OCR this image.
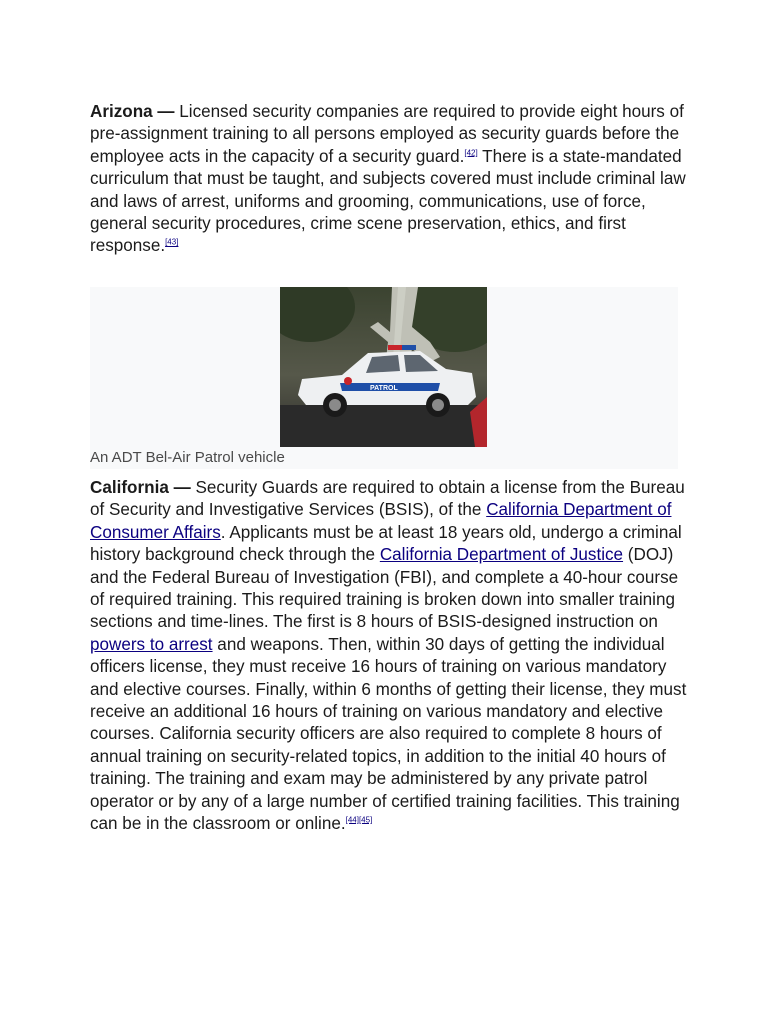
Arizona — Licensed security companies are required to provide eight hours of pre-assignment training to all persons employed as security guards before the employee acts in the capacity of a security guard.[42] There is a state-mandated curriculum that must be taught, and subjects covered must include criminal law and laws of arrest, uniforms and grooming, communications, use of force, general security procedures, crime scene preservation, ethics, and first response.[43]

PATROL
An ADT Bel-Air Patrol vehicle

California — Security Guards are required to obtain a license from the Bureau of Security and Investigative Services (BSIS), of the California Department of Consumer Affairs. Applicants must be at least 18 years old, undergo a criminal history background check through the California Department of Justice (DOJ) and the Federal Bureau of Investigation (FBI), and complete a 40-hour course of required training. This required training is broken down into smaller training sections and time-lines. The first is 8 hours of BSIS-designed instruction on powers to arrest and weapons. Then, within 30 days of getting the individual officers license, they must receive 16 hours of training on various mandatory and elective courses. Finally, within 6 months of getting their license, they must receive an additional 16 hours of training on various mandatory and elective courses. California security officers are also required to complete 8 hours of annual training on security-related topics, in addition to the initial 40 hours of training. The training and exam may be administered by any private patrol operator or by any of a large number of certified training facilities. This training can be in the classroom or online.[44][45]
